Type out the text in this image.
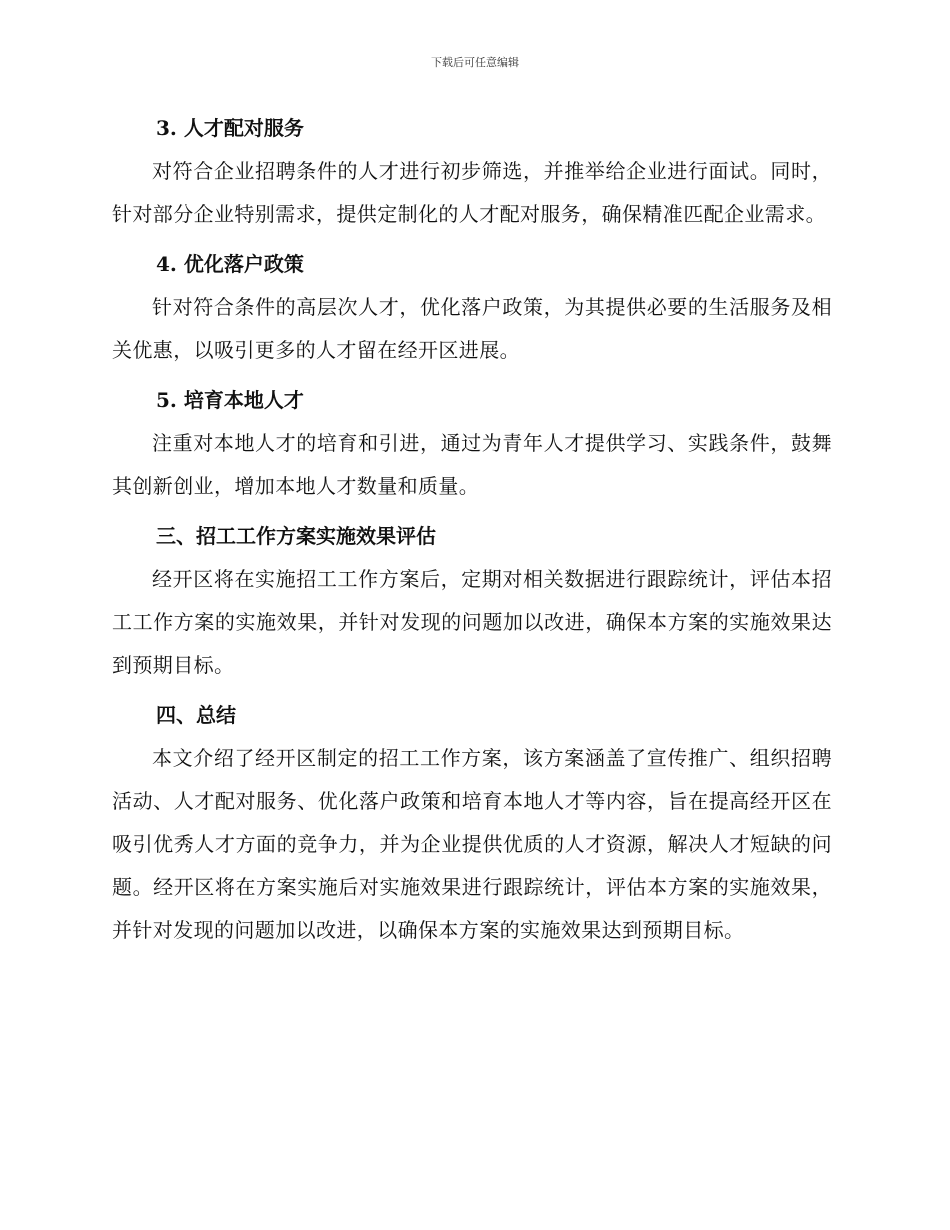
下载后可任意编辑
3. 人才配对服务
对符合企业招聘条件的人才进行初步筛选，并推举给企业进行面试。同时，针对部分企业特别需求，提供定制化的人才配对服务，确保精准匹配企业需求。
4. 优化落户政策
针对符合条件的高层次人才，优化落户政策，为其提供必要的生活服务及相关优惠，以吸引更多的人才留在经开区进展。
5. 培育本地人才
注重对本地人才的培育和引进，通过为青年人才提供学习、实践条件，鼓舞其创新创业，增加本地人才数量和质量。
三、招工工作方案实施效果评估
经开区将在实施招工工作方案后，定期对相关数据进行跟踪统计，评估本招工工作方案的实施效果，并针对发现的问题加以改进，确保本方案的实施效果达到预期目标。
四、总结
本文介绍了经开区制定的招工工作方案，该方案涵盖了宣传推广、组织招聘活动、人才配对服务、优化落户政策和培育本地人才等内容，旨在提高经开区在吸引优秀人才方面的竞争力，并为企业提供优质的人才资源，解决人才短缺的问题。经开区将在方案实施后对实施效果进行跟踪统计，评估本方案的实施效果，并针对发现的问题加以改进，以确保本方案的实施效果达到预期目标。
